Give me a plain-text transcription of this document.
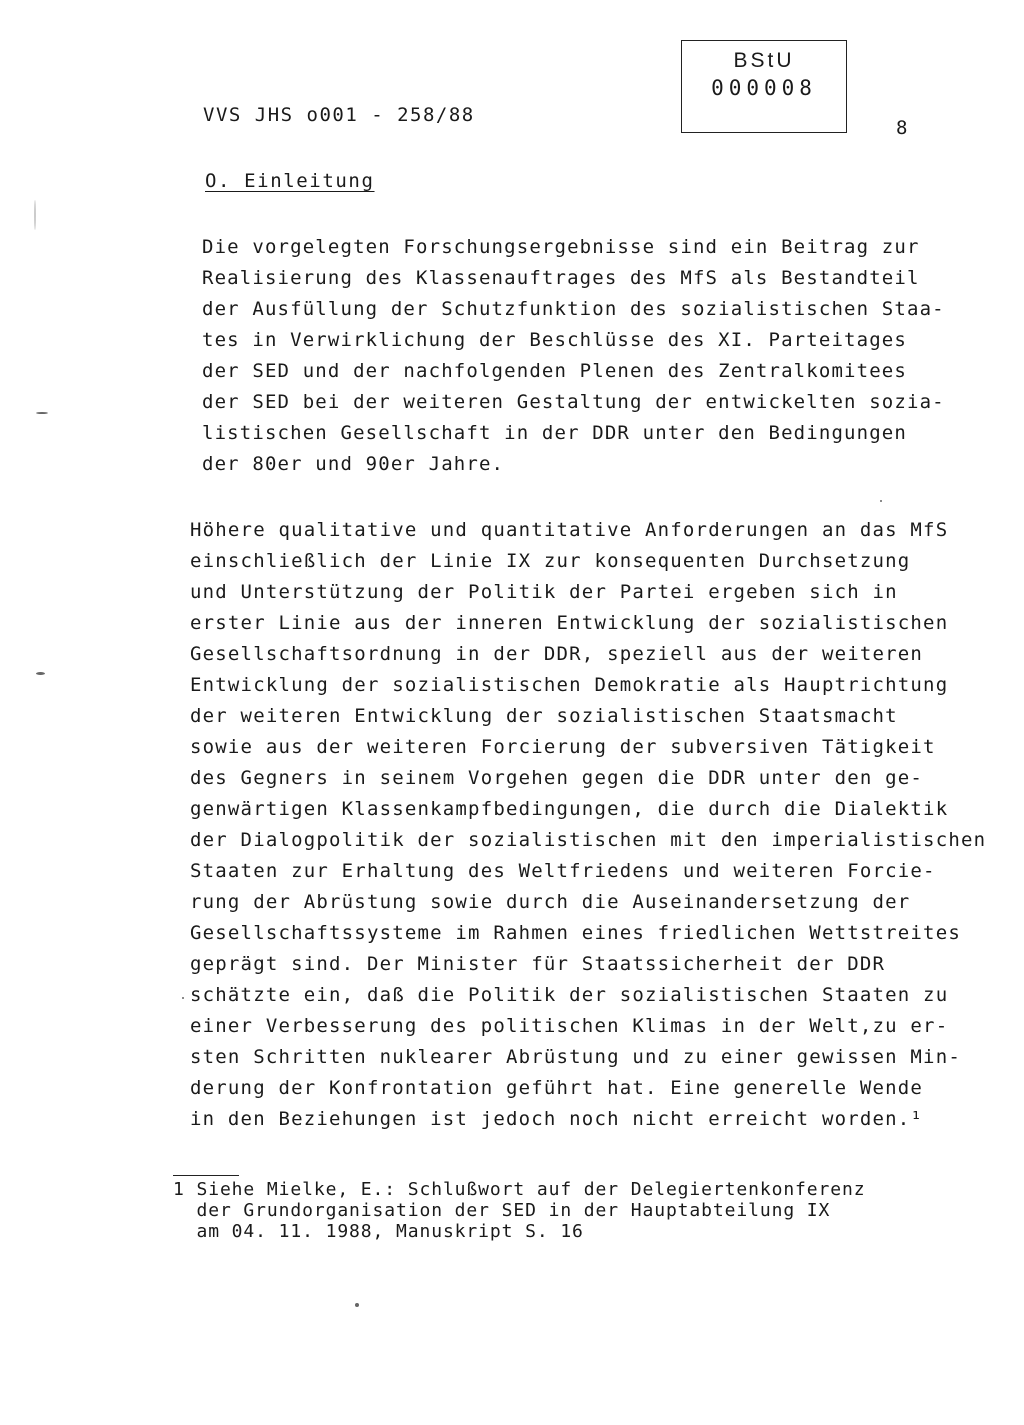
VVS JHS o001 - 258/88
BStU
000008
8
O. Einleitung
Die vorgelegten Forschungsergebnisse sind ein Beitrag zur
Realisierung des Klassenauftrages des MfS als Bestandteil
der Ausfüllung der Schutzfunktion des sozialistischen Staa-
tes in Verwirklichung der Beschlüsse des XI. Parteitages
der SED und der nachfolgenden Plenen des Zentralkomitees
der SED bei der weiteren Gestaltung der entwickelten sozia-
listischen Gesellschaft in der DDR unter den Bedingungen
der 80er und 90er Jahre.
Höhere qualitative und quantitative Anforderungen an das MfS
einschließlich der Linie IX zur konsequenten Durchsetzung
und Unterstützung der Politik der Partei ergeben sich in
erster Linie aus der inneren Entwicklung der sozialistischen
Gesellschaftsordnung in der DDR, speziell aus der weiteren
Entwicklung der sozialistischen Demokratie als Hauptrichtung
der weiteren Entwicklung der sozialistischen Staatsmacht
sowie aus der weiteren Forcierung der subversiven Tätigkeit
des Gegners in seinem Vorgehen gegen die DDR unter den ge-
genwärtigen Klassenkampfbedingungen, die durch die Dialektik
der Dialogpolitik der sozialistischen mit den imperialistischen
Staaten zur Erhaltung des Weltfriedens und weiteren Forcie-
rung der Abrüstung sowie durch die Auseinandersetzung der
Gesellschaftssysteme im Rahmen eines friedlichen Wettstreites
geprägt sind. Der Minister für Staatssicherheit der DDR
schätzte ein, daß die Politik der sozialistischen Staaten zu
einer Verbesserung des politischen Klimas in der Welt,zu er-
sten Schritten nuklearer Abrüstung und zu einer gewissen Min-
derung der Konfrontation geführt hat. Eine generelle Wende
in den Beziehungen ist jedoch noch nicht erreicht worden.¹
1 Siehe Mielke, E.: Schlußwort auf der Delegiertenkonferenz
der Grundorganisation der SED in der Hauptabteilung IX
am 04. 11. 1988, Manuskript S. 16
